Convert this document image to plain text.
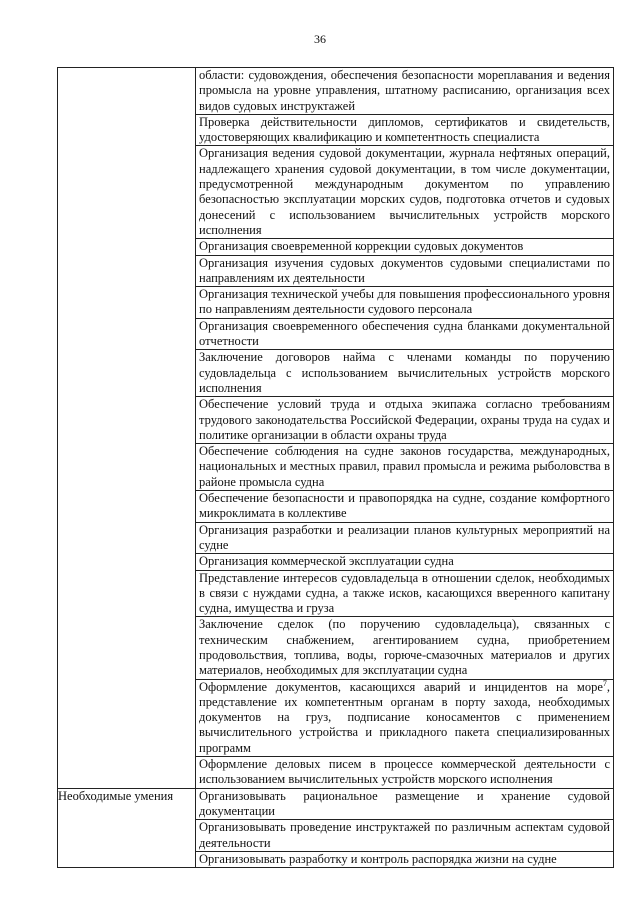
36

	области: судовождения, обеспечения безопасности мореплавания и ведения промысла на уровне управления, штатному расписанию, организация всех видов судовых инструктажей

	Проверка действительности дипломов, сертификатов и свидетельств, удостоверяющих квалификацию и компетентность специалиста

	Организация ведения судовой документации, журнала нефтяных операций, надлежащего хранения судовой документации, в том числе документации, предусмотренной международным документом по управлению безопасностью эксплуатации морских судов, подготовка отчетов и судовых донесений с использованием вычислительных устройств морского исполнения

	Организация своевременной коррекции судовых документов

	Организация изучения судовых документов судовыми специалистами по направлениям их деятельности

	Организация технической учебы для повышения профессионального уровня по направлениям деятельности судового персонала

	Организация своевременного обеспечения судна бланками документальной отчетности

	Заключение договоров найма с членами команды по поручению судовладельца с использованием вычислительных устройств морского исполнения

	Обеспечение условий труда и отдыха экипажа согласно требованиям трудового законодательства Российской Федерации, охраны труда на судах и политике организации в области охраны труда

	Обеспечение соблюдения на судне законов государства, международных, национальных и местных правил, правил промысла и режима рыболовства в районе промысла судна

	Обеспечение безопасности и правопорядка на судне, создание комфортного микроклимата в коллективе

	Организация разработки и реализации планов культурных мероприятий на судне

	Организация коммерческой эксплуатации судна

	Представление интересов судовладельца в отношении сделок, необходимых в связи с нуждами судна, а также исков, касающихся вверенного капитану судна, имущества и груза

	Заключение сделок (по поручению судовладельца), связанных с техническим снабжением, агентированием судна, приобретением продовольствия, топлива, воды, горюче-смазочных материалов и других материалов, необходимых для эксплуатации судна

	Оформление документов, касающихся аварий и инцидентов на море$^7$, представление их компетентным органам в порту захода, необходимых документов на груз, подписание коносаментов с применением вычислительного устройства и прикладного пакета специализированных программ

	Оформление деловых писем в процессе коммерческой деятельности с использованием вычислительных устройств морского исполнения

Необходимые умения	Организовывать рациональное размещение и хранение судовой документации

	Организовывать проведение инструктажей по различным аспектам судовой деятельности

	Организовывать разработку и контроль распорядка жизни на судне
